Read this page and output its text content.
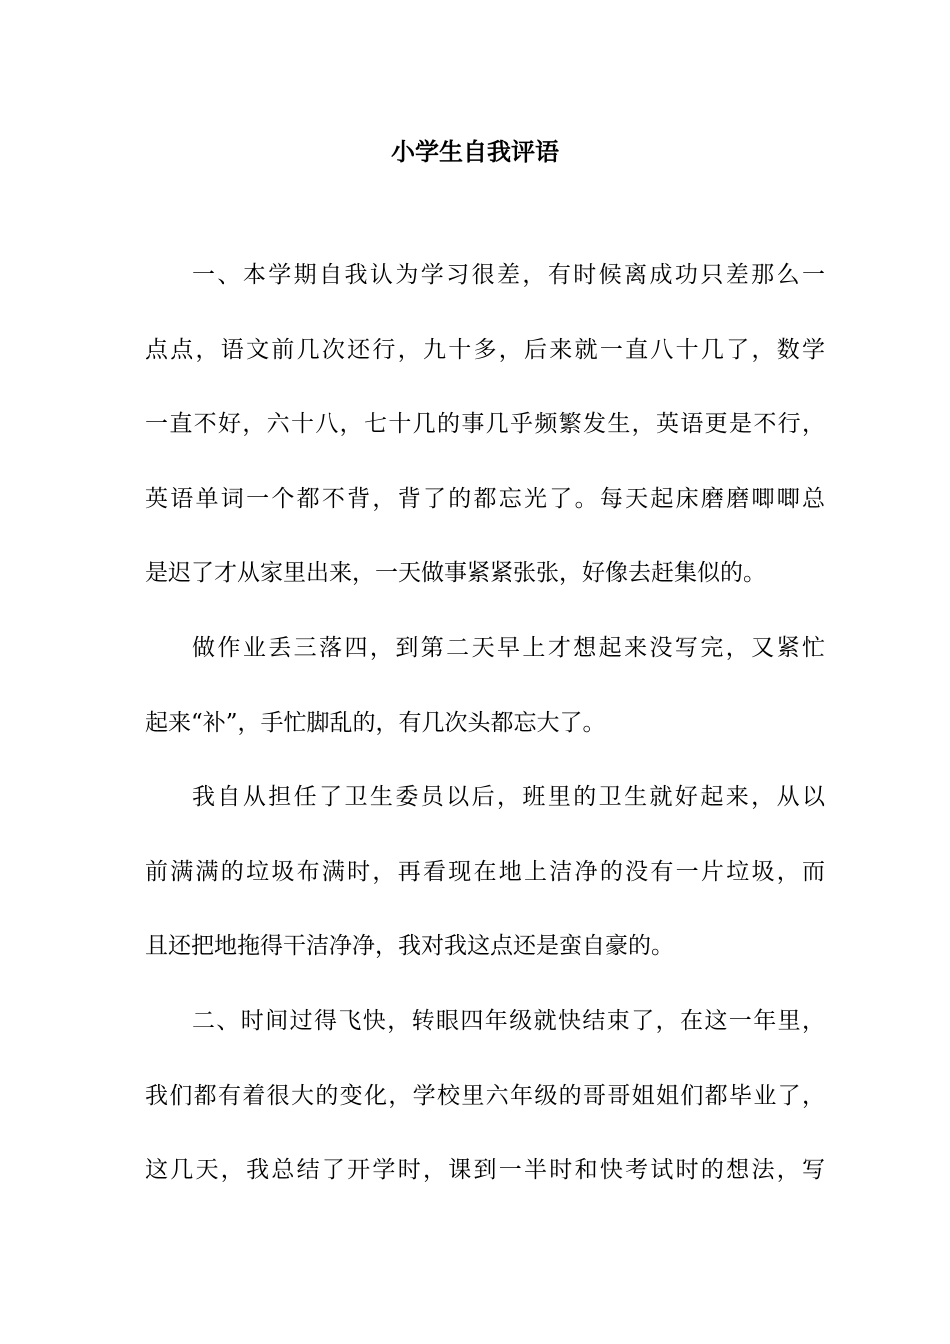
小学生自我评语
一、本学期自我认为学习很差，有时候离成功只差那么一
点点，语文前几次还行，九十多，后来就一直八十几了，数学
一直不好，六十八，七十几的事几乎频繁发生，英语更是不行，
英语单词一个都不背，背了的都忘光了。每天起床磨磨唧唧总
是迟了才从家里出来，一天做事紧紧张张，好像去赶集似的。
做作业丢三落四，到第二天早上才想起来没写完，又紧忙
起来“补”，手忙脚乱的，有几次头都忘大了。
我自从担任了卫生委员以后，班里的卫生就好起来，从以
前满满的垃圾布满时，再看现在地上洁净的没有一片垃圾，而
且还把地拖得干洁净净，我对我这点还是蛮自豪的。
二、时间过得飞快，转眼四年级就快结束了，在这一年里，
我们都有着很大的变化，学校里六年级的哥哥姐姐们都毕业了，
这几天，我总结了开学时，课到一半时和快考试时的想法，写
